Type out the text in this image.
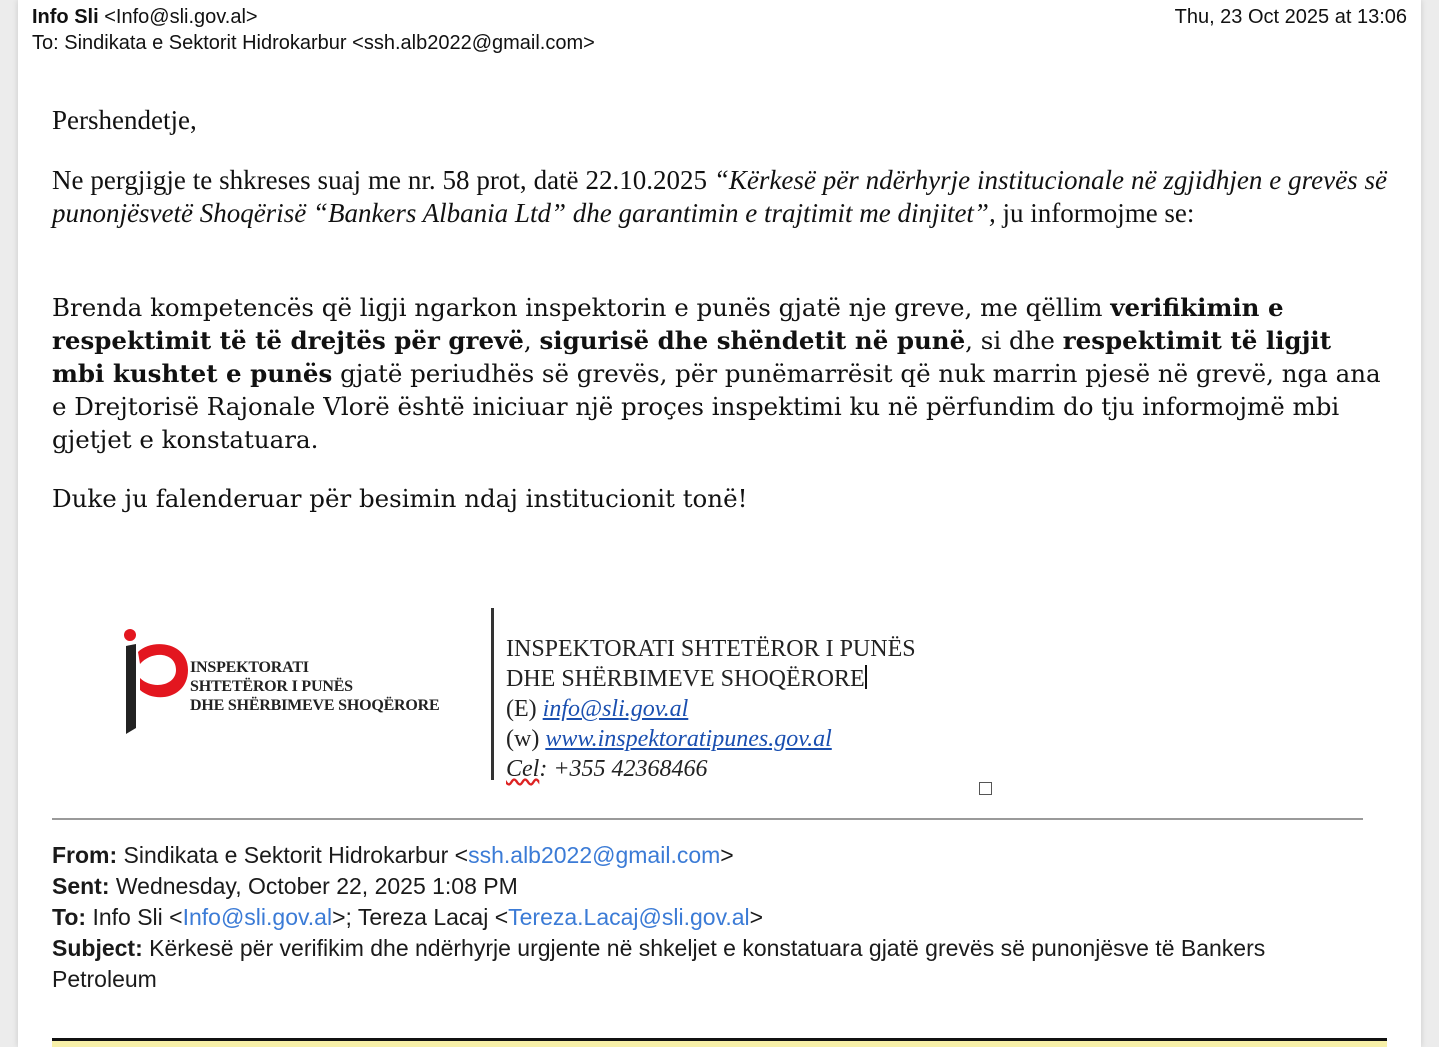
Info Sli <Info@sli.gov.al>
To: Sindikata e Sektorit Hidrokarbur <ssh.alb2022@gmail.com>
Thu, 23 Oct 2025 at 13:06
Pershendetje,
Ne pergjigje te shkreses suaj me nr. 58 prot, datë 22.10.2025 “Kërkesë për ndërhyrje institucionale në zgjidhjen e grevës së punonjësvetë Shoqërisë “Bankers Albania Ltd” dhe garantimin e trajtimit me dinjitet”, ju informojme se:
Brenda kompetencës që ligji ngarkon inspektorin e punës gjatë nje greve, me qëllim verifikimin e respektimit të të drejtës për grevë, sigurisë dhe shëndetit në punë, si dhe respektimit të ligjit mbi kushtet e punës gjatë periudhës së grevës, për punëmarrësit që nuk marrin pjesë në grevë, nga ana e Drejtorisë Rajonale Vlorë është iniciuar një proçes inspektimi ku në përfundim do tju informojmë mbi gjetjet e konstatuara.
Duke ju falenderuar për besimin ndaj institucionit tonë!
INSPEKTORATI
SHTETËROR I PUNËS
DHE SHËRBIMEVE SHOQËRORE
INSPEKTORATI SHTETËROR I PUNËS
DHE SHËRBIMEVE SHOQËRORE
(E) info@sli.gov.al
(w) www.inspektoratipunes.gov.al
Cel: +355 42368466
From: Sindikata e Sektorit Hidrokarbur <ssh.alb2022@gmail.com>
Sent: Wednesday, October 22, 2025 1:08 PM
To: Info Sli <Info@sli.gov.al>; Tereza Lacaj <Tereza.Lacaj@sli.gov.al>
Subject: Kërkesë për verifikim dhe ndërhyrje urgjente në shkeljet e konstatuara gjatë grevës së punonjësve të Bankers Petroleum
